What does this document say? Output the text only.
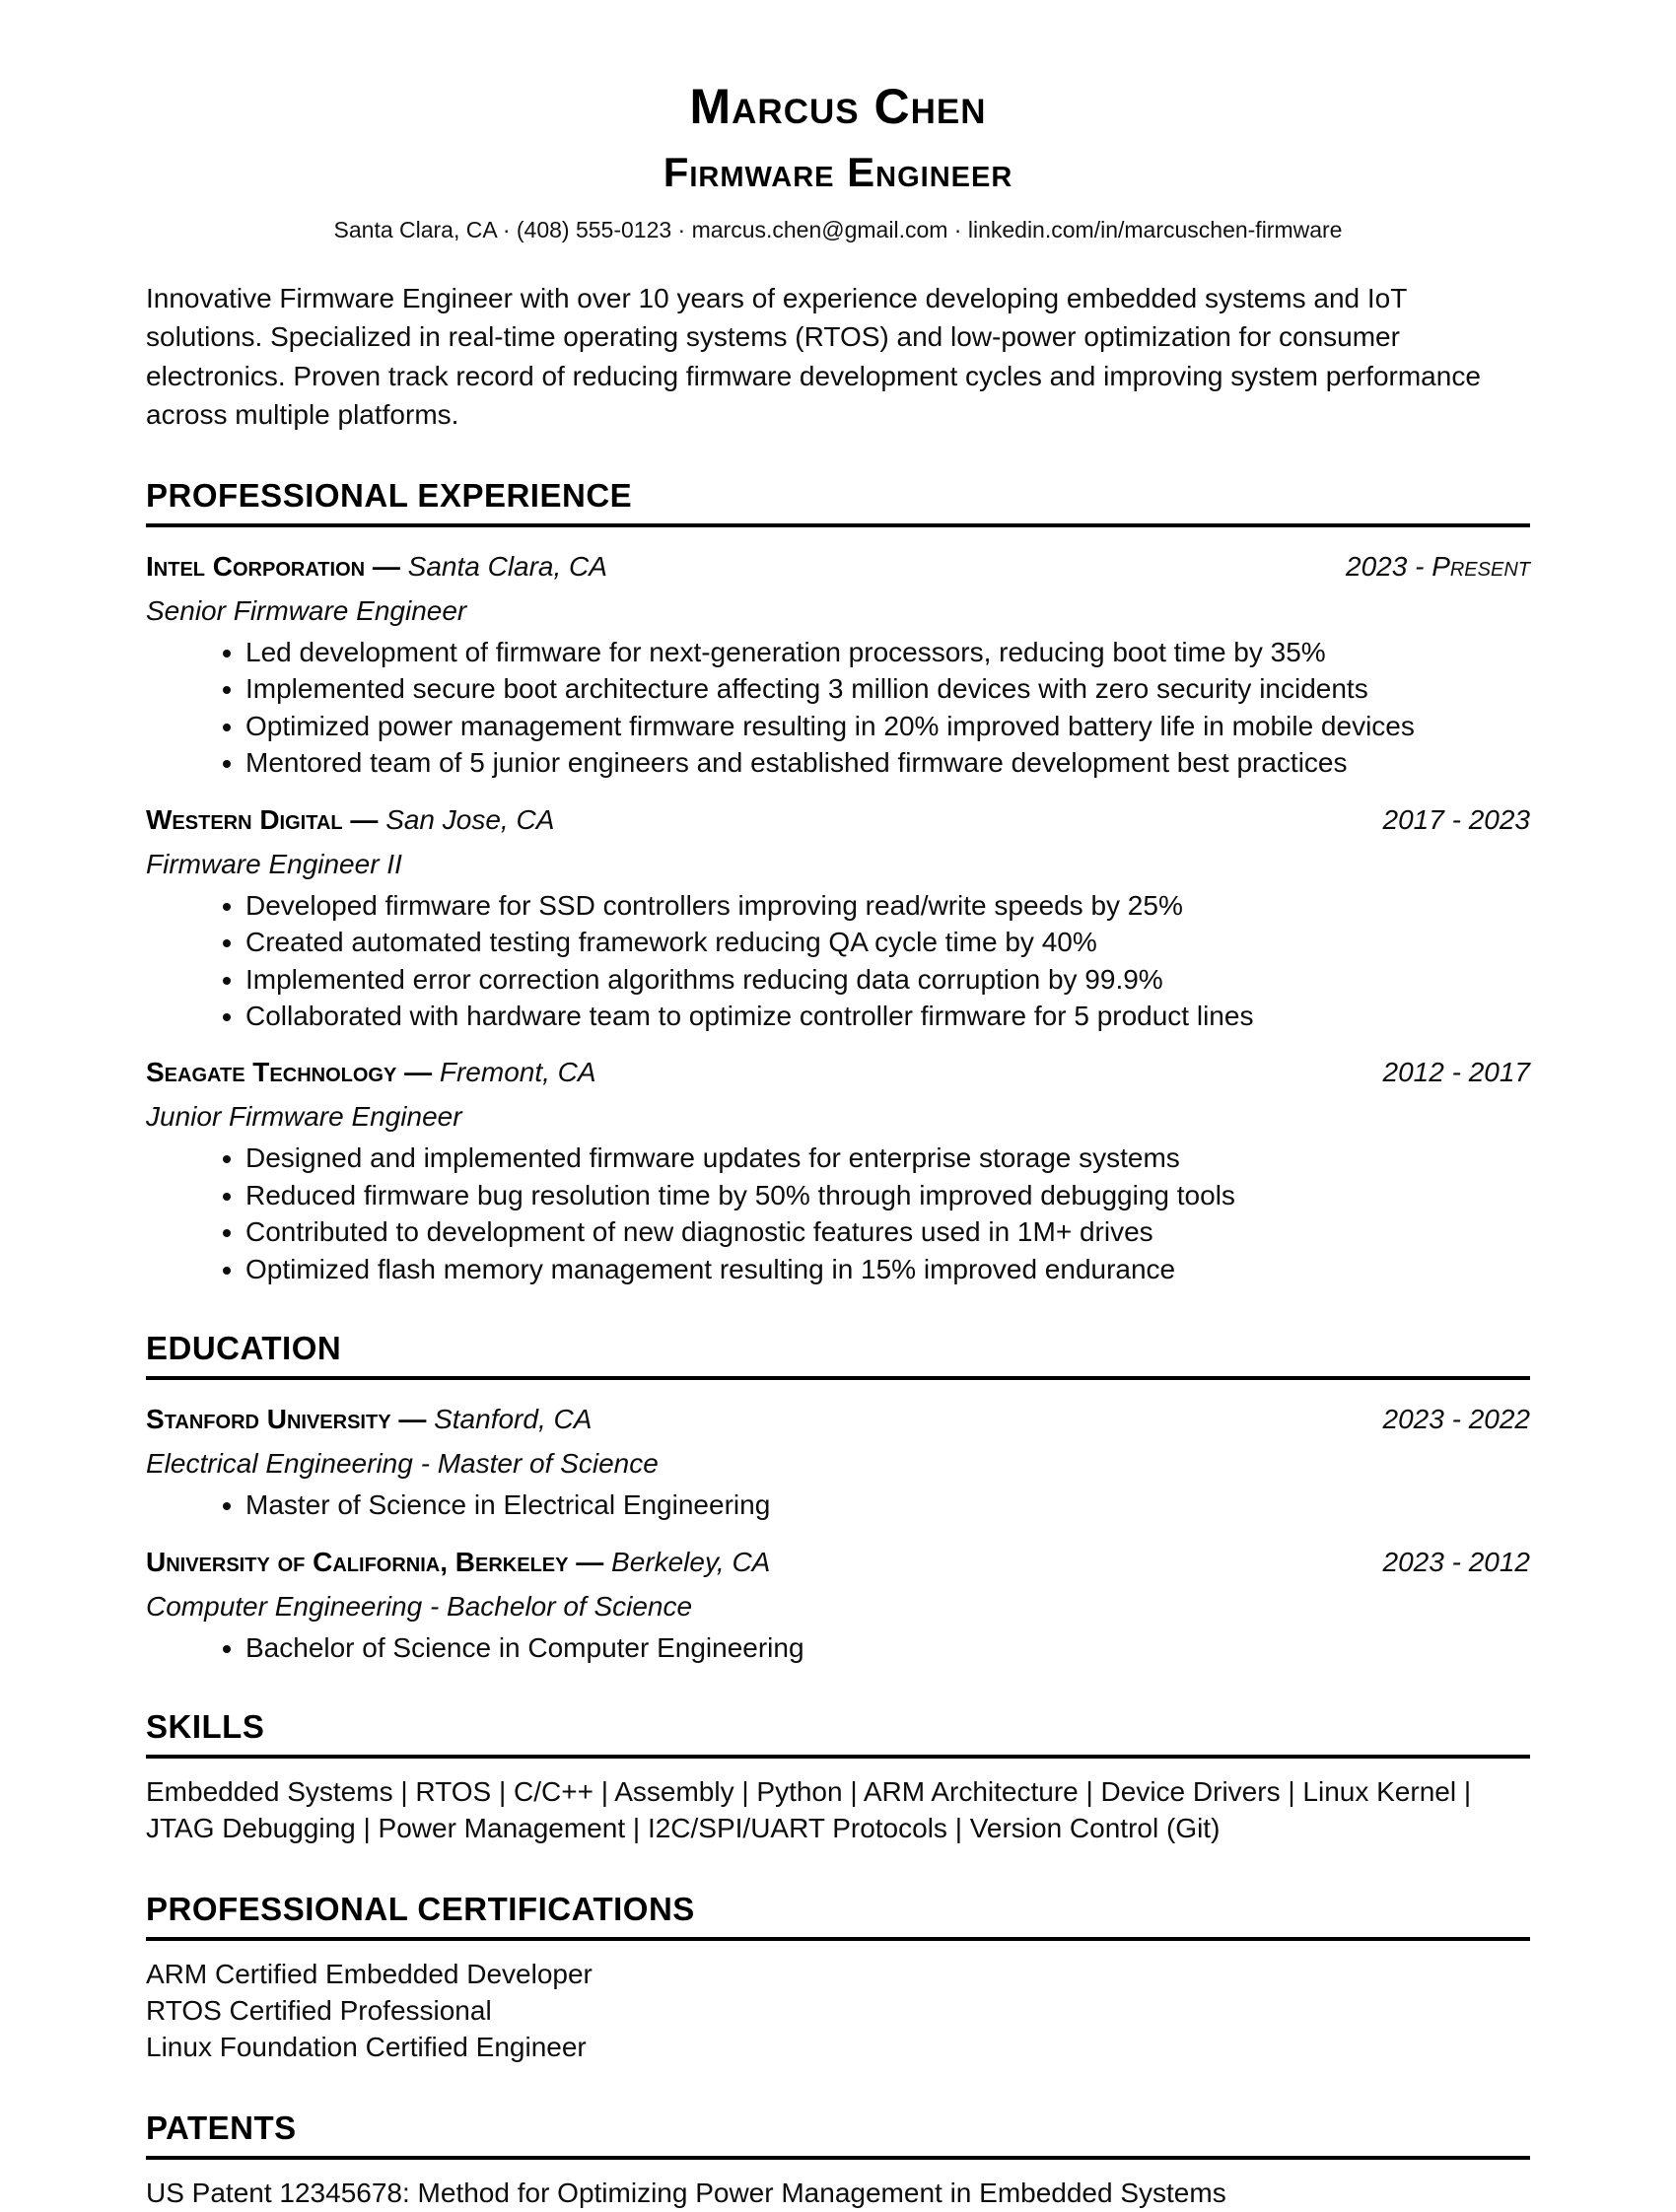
Marcus Chen
Firmware Engineer
Santa Clara, CA · (408) 555-0123 · marcus.chen@gmail.com · linkedin.com/in/marcuschen-firmware
Innovative Firmware Engineer with over 10 years of experience developing embedded systems and IoT solutions. Specialized in real-time operating systems (RTOS) and low-power optimization for consumer electronics. Proven track record of reducing firmware development cycles and improving system performance across multiple platforms.
PROFESSIONAL EXPERIENCE
Intel Corporation — Santa Clara, CA	2023 - Present
Senior Firmware Engineer
• Led development of firmware for next-generation processors, reducing boot time by 35%
• Implemented secure boot architecture affecting 3 million devices with zero security incidents
• Optimized power management firmware resulting in 20% improved battery life in mobile devices
• Mentored team of 5 junior engineers and established firmware development best practices
Western Digital — San Jose, CA	2017 - 2023
Firmware Engineer II
• Developed firmware for SSD controllers improving read/write speeds by 25%
• Created automated testing framework reducing QA cycle time by 40%
• Implemented error correction algorithms reducing data corruption by 99.9%
• Collaborated with hardware team to optimize controller firmware for 5 product lines
Seagate Technology — Fremont, CA	2012 - 2017
Junior Firmware Engineer
• Designed and implemented firmware updates for enterprise storage systems
• Reduced firmware bug resolution time by 50% through improved debugging tools
• Contributed to development of new diagnostic features used in 1M+ drives
• Optimized flash memory management resulting in 15% improved endurance
EDUCATION
Stanford University — Stanford, CA	2023 - 2022
Electrical Engineering - Master of Science
• Master of Science in Electrical Engineering
University of California, Berkeley — Berkeley, CA	2023 - 2012
Computer Engineering - Bachelor of Science
• Bachelor of Science in Computer Engineering
SKILLS
Embedded Systems | RTOS | C/C++ | Assembly | Python | ARM Architecture | Device Drivers | Linux Kernel | JTAG Debugging | Power Management | I2C/SPI/UART Protocols | Version Control (Git)
PROFESSIONAL CERTIFICATIONS
ARM Certified Embedded Developer
RTOS Certified Professional
Linux Foundation Certified Engineer
PATENTS
US Patent 12345678: Method for Optimizing Power Management in Embedded Systems
